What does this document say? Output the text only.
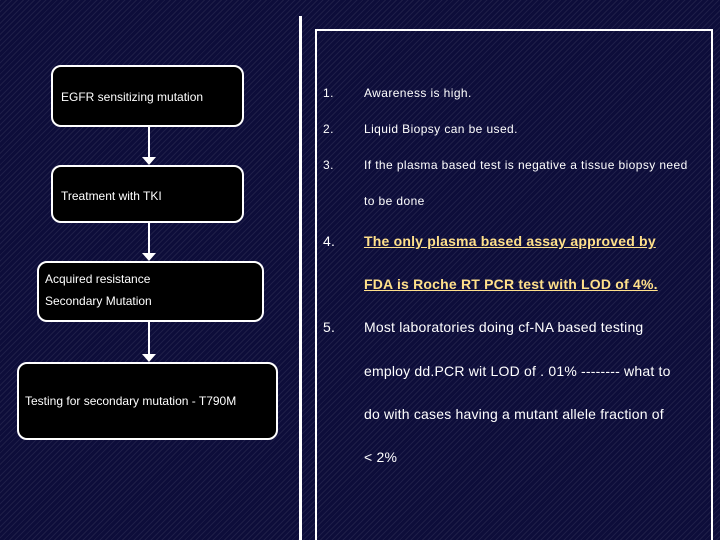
EGFR sensitizing mutation
Treatment with TKI
Acquired resistance
Secondary Mutation
Testing for secondary mutation - T790M
1.	Awareness is high.
2.	Liquid Biopsy can be used.
3.	If the plasma based test is negative a tissue biopsy need
to be done
4. The only plasma based assay approved by
FDA is Roche RT PCR test with LOD of 4%.
5. Most laboratories doing cf-NA based testing
employ dd.PCR wit LOD of . 01% -------- what to
do with cases having a mutant allele fraction of
< 2%
